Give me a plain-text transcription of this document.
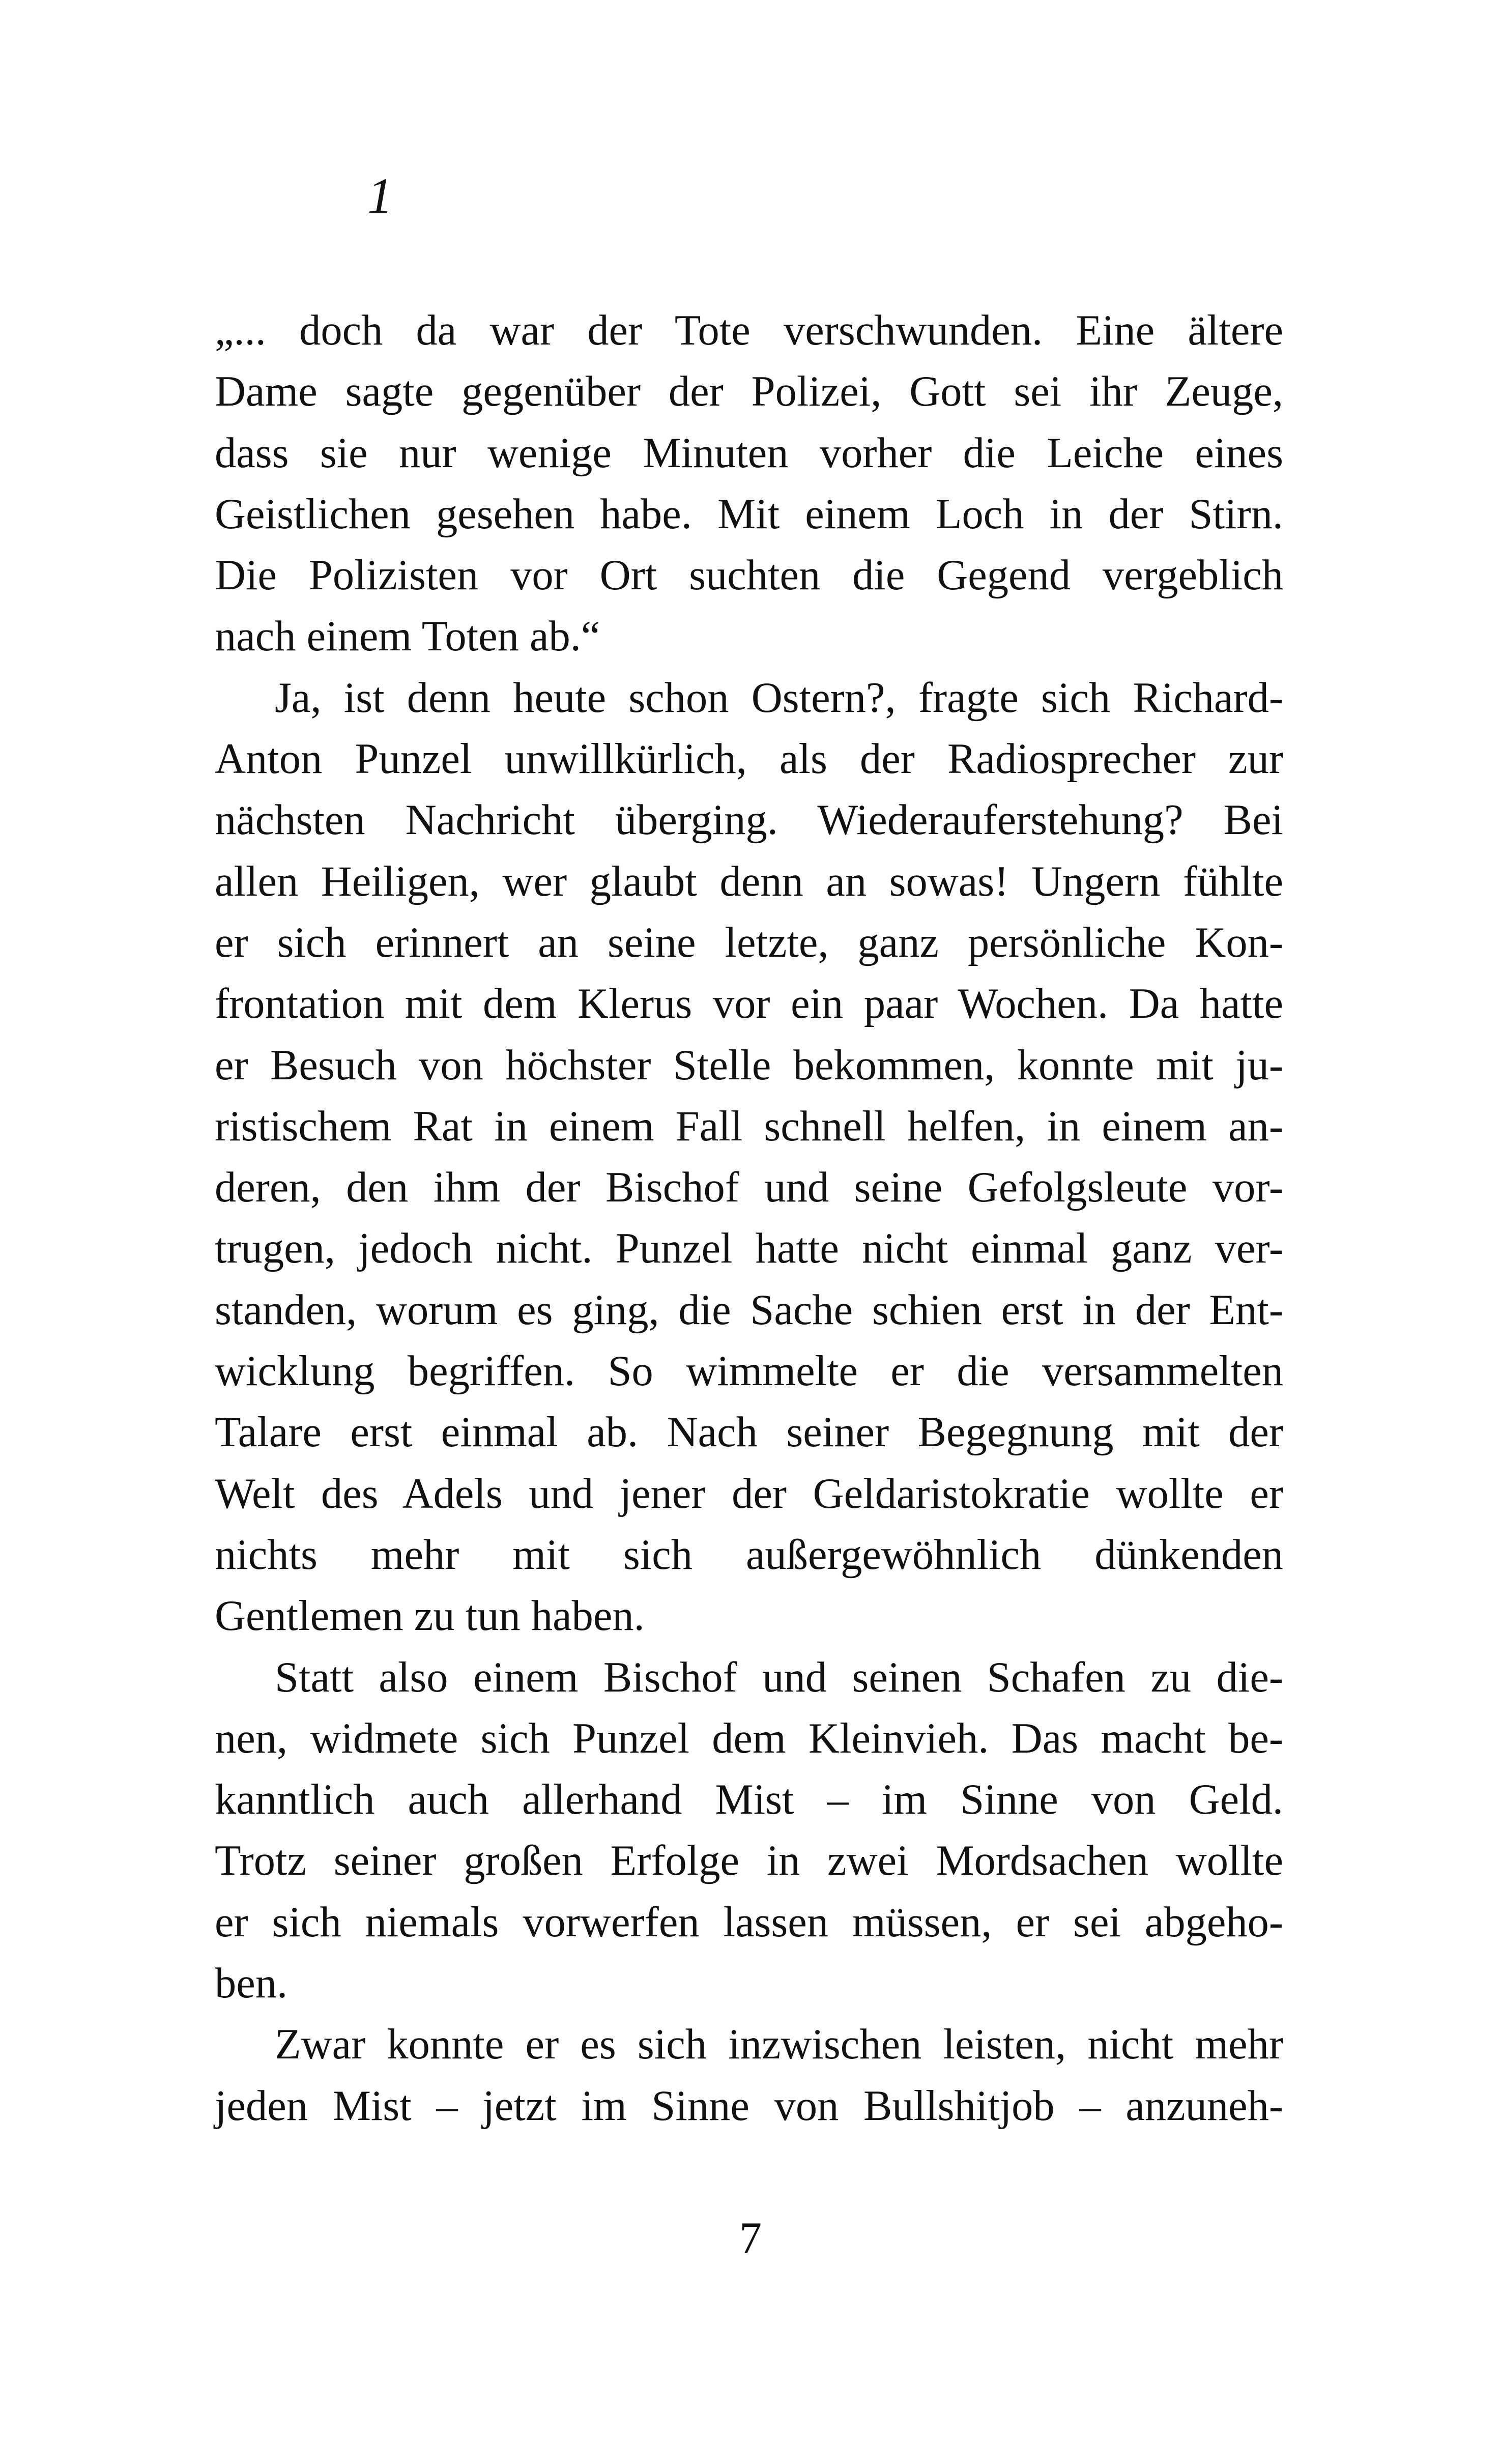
1
„... doch da war der Tote verschwunden. Eine ältere
Dame sagte gegenüber der Polizei, Gott sei ihr Zeuge,
dass sie nur wenige Minuten vorher die Leiche eines
Geistlichen gesehen habe. Mit einem Loch in der Stirn.
Die Polizisten vor Ort suchten die Gegend vergeblich
nach einem Toten ab.“
Ja, ist denn heute schon Ostern?, fragte sich Richard-
Anton Punzel unwillkürlich, als der Radiosprecher zur
nächsten Nachricht überging. Wiederauferstehung? Bei
allen Heiligen, wer glaubt denn an sowas! Ungern fühlte
er sich erinnert an seine letzte, ganz persönliche Kon-
frontation mit dem Klerus vor ein paar Wochen. Da hatte
er Besuch von höchster Stelle bekommen, konnte mit ju-
ristischem Rat in einem Fall schnell helfen, in einem an-
deren, den ihm der Bischof und seine Gefolgsleute vor-
trugen, jedoch nicht. Punzel hatte nicht einmal ganz ver-
standen, worum es ging, die Sache schien erst in der Ent-
wicklung begriffen. So wimmelte er die versammelten
Talare erst einmal ab. Nach seiner Begegnung mit der
Welt des Adels und jener der Geldaristokratie wollte er
nichts mehr mit sich außergewöhnlich dünkenden
Gentlemen zu tun haben.
Statt also einem Bischof und seinen Schafen zu die-
nen, widmete sich Punzel dem Kleinvieh. Das macht be-
kanntlich auch allerhand Mist – im Sinne von Geld.
Trotz seiner großen Erfolge in zwei Mordsachen wollte
er sich niemals vorwerfen lassen müssen, er sei abgeho-
ben.
Zwar konnte er es sich inzwischen leisten, nicht mehr
jeden Mist – jetzt im Sinne von Bullshitjob – anzuneh-
7
